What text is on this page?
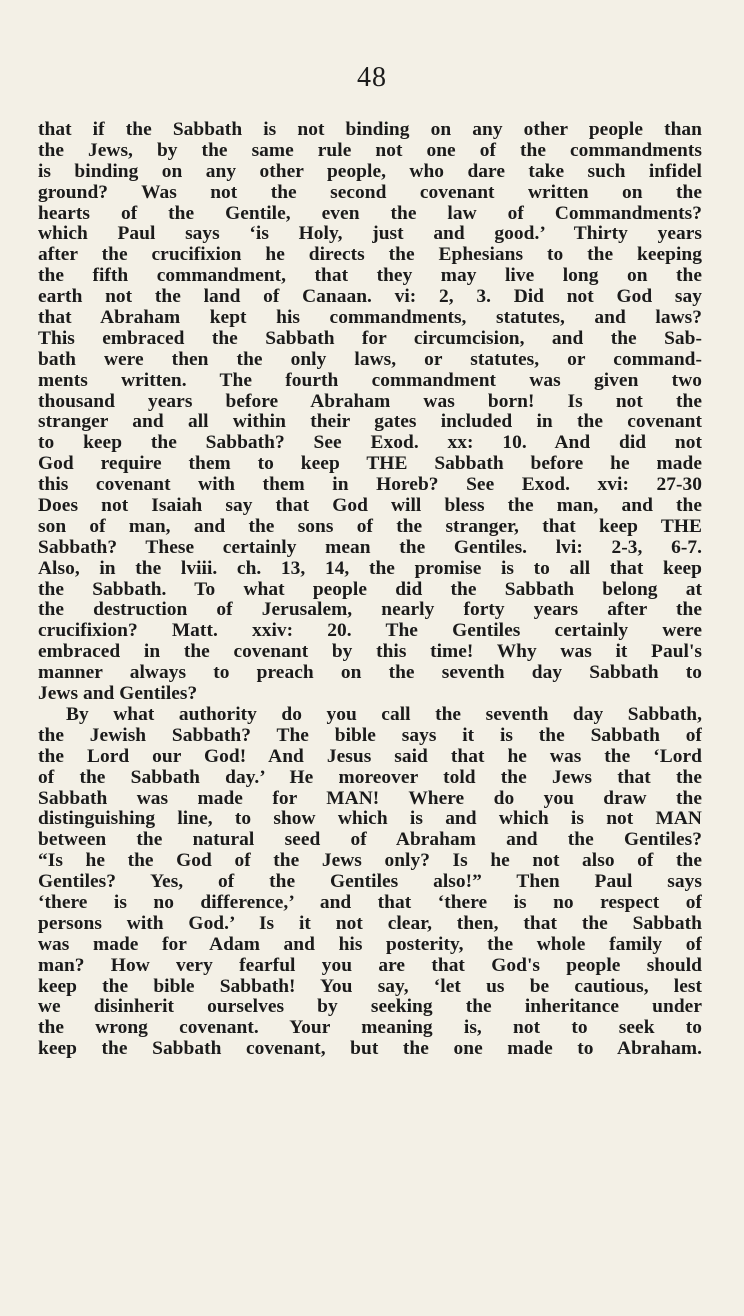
48
that if the Sabbath is not binding on any other people than
the Jews, by the same rule not one of the commandments
is binding on any other people, who dare take such infidel
ground? Was not the second covenant written on the
hearts of the Gentile, even the law of Commandments?
which Paul says ‘is Holy, just and good.’ Thirty years
after the crucifixion he directs the Ephesians to the keeping
the fifth commandment, that they may live long on the
earth not the land of Canaan. vi: 2, 3. Did not God say
that Abraham kept his commandments, statutes, and laws?
This embraced the Sabbath for circumcision, and the Sab-
bath were then the only laws, or statutes, or command-
ments written. The fourth commandment was given two
thousand years before Abraham was born! Is not the
stranger and all within their gates included in the covenant
to keep the Sabbath? See Exod. xx: 10. And did not
God require them to keep THE Sabbath before he made
this covenant with them in Horeb? See Exod. xvi: 27-30
Does not Isaiah say that God will bless the man, and the
son of man, and the sons of the stranger, that keep THE
Sabbath? These certainly mean the Gentiles. lvi: 2-3, 6-7.
Also, in the lviii. ch. 13, 14, the promise is to all that keep
the Sabbath. To what people did the Sabbath belong at
the destruction of Jerusalem, nearly forty years after the
crucifixion? Matt. xxiv: 20. The Gentiles certainly were
embraced in the covenant by this time! Why was it Paul's
manner always to preach on the seventh day Sabbath to
Jews and Gentiles?
By what authority do you call the seventh day Sabbath,
the Jewish Sabbath? The bible says it is the Sabbath of
the Lord our God! And Jesus said that he was the ‘Lord
of the Sabbath day.’ He moreover told the Jews that the
Sabbath was made for MAN! Where do you draw the
distinguishing line, to show which is and which is not MAN
between the natural seed of Abraham and the Gentiles?
“Is he the God of the Jews only? Is he not also of the
Gentiles? Yes, of the Gentiles also!” Then Paul says
‘there is no difference,’ and that ‘there is no respect of
persons with God.’ Is it not clear, then, that the Sabbath
was made for Adam and his posterity, the whole family of
man? How very fearful you are that God's people should
keep the bible Sabbath! You say, ‘let us be cautious, lest
we disinherit ourselves by seeking the inheritance under
the wrong covenant. Your meaning is, not to seek to
keep the Sabbath covenant, but the one made to Abraham.
